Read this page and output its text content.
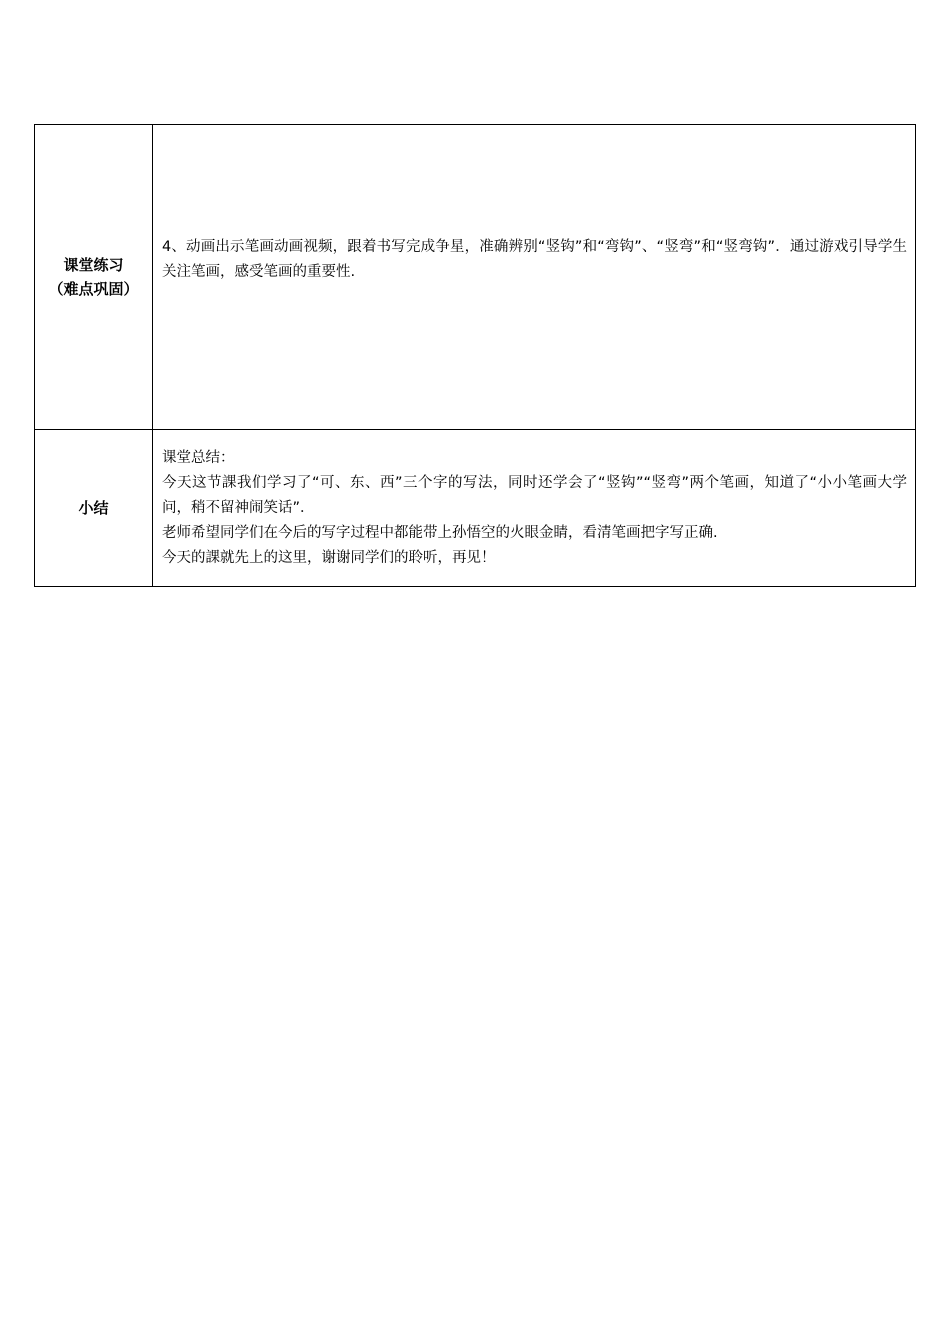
课堂练习
（难点巩固）	4、动画出示笔画动画视频，跟着书写完成争星，准确辨别“竖钩”和“弯钩”、“竖弯”和“竖弯钩”．通过游戏引导学生关注笔画，感受笔画的重要性.

小结	课堂总结：

今天这节課我们学习了“可、东、西”三个字的写法，同时还学会了“竖钩”“竖弯”两个笔画，知道了“小小笔画大学问，稍不留神闹笑话”．

老师希望同学们在今后的写字过程中都能带上孙悟空的火眼金睛，看清笔画把字写正确.

今天的課就先上的这里，谢谢同学们的聆听，再见！
